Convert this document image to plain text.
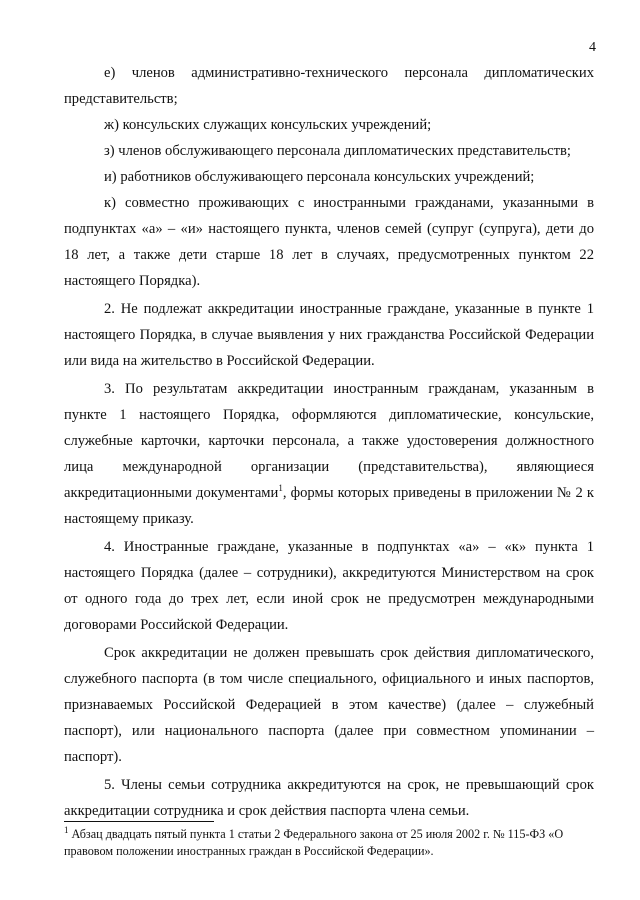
4

е) членов административно-технического персонала дипломатических представительств;

ж) консульских служащих консульских учреждений;

з) членов обслуживающего персонала дипломатических представительств;

и) работников обслуживающего персонала консульских учреждений;

к) совместно проживающих с иностранными гражданами, указанными в подпунктах «а» – «и» настоящего пункта, членов семей (супруг (супруга), дети до 18 лет, а также дети старше 18 лет в случаях, предусмотренных пунктом 22 настоящего Порядка).

2. Не подлежат аккредитации иностранные граждане, указанные в пункте 1 настоящего Порядка, в случае выявления у них гражданства Российской Федерации или вида на жительство в Российской Федерации.

3. По результатам аккредитации иностранным гражданам, указанным в пункте 1 настоящего Порядка, оформляются дипломатические, консульские, служебные карточки, карточки персонала, а также удостоверения должностного лица международной организации (представительства), являющиеся аккредитационными документами$^1$, формы которых приведены в приложении № 2 к настоящему приказу.

4. Иностранные граждане, указанные в подпунктах «а» – «к» пункта 1 настоящего Порядка (далее – сотрудники), аккредитуются Министерством на срок от одного года до трех лет, если иной срок не предусмотрен международными договорами Российской Федерации.

Срок аккредитации не должен превышать срок действия дипломатического, служебного паспорта (в том числе специального, официального и иных паспортов, признаваемых Российской Федерацией в этом качестве) (далее – служебный паспорт), или национального паспорта (далее при совместном упоминании – паспорт).

5. Члены семьи сотрудника аккредитуются на срок, не превышающий срок аккредитации сотрудника и срок действия паспорта члена семьи.

$^1$ Абзац двадцать пятый пункта 1 статьи 2 Федерального закона от 25 июля 2002 г. № 115-ФЗ «О правовом положении иностранных граждан в Российской Федерации».
